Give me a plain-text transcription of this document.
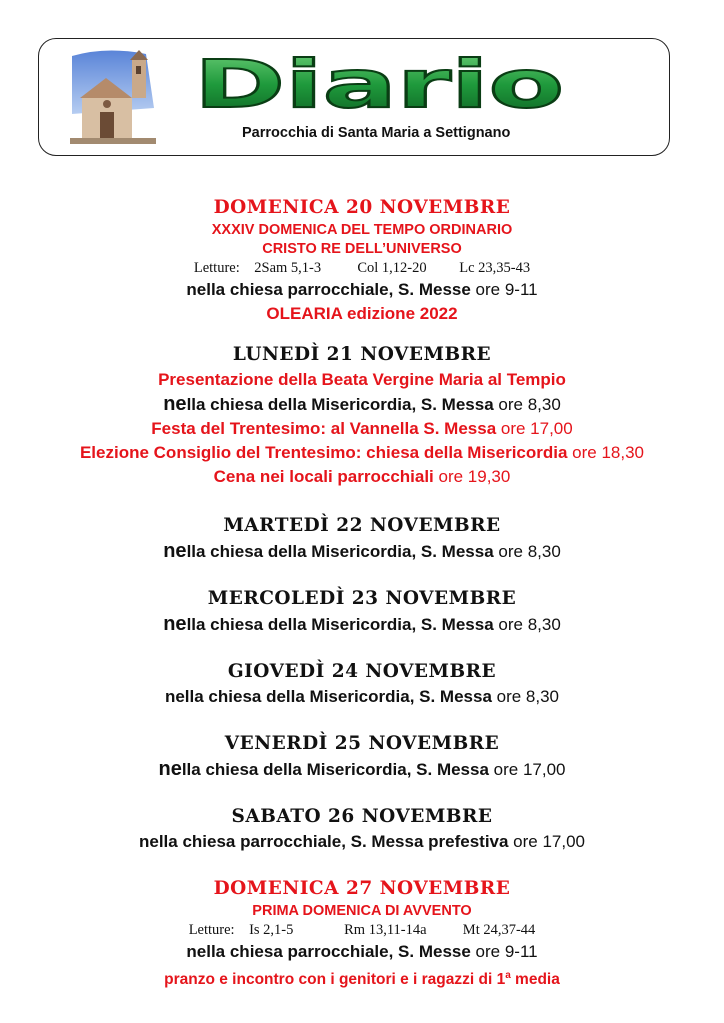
Diario
Parrocchia di Santa Maria a Settignano
DOMENICA 20 NOVEMBRE
XXXIV DOMENICA DEL TEMPO ORDINARIO
CRISTO RE DELL’UNIVERSO
Letture:    2Sam 5,1-3          Col 1,12-20         Lc 23,35-43
nella chiesa parrocchiale, S. Messe ore 9-11
OLEARIA edizione 2022
LUNEDÌ 21 NOVEMBRE
Presentazione della Beata Vergine Maria al Tempio
nella chiesa della Misericordia, S. Messa ore 8,30
Festa del Trentesimo: al Vannella S. Messa ore 17,00
Elezione Consiglio del Trentesimo: chiesa della Misericordia ore 18,30
Cena nei locali parrocchiali ore 19,30
MARTEDÌ 22 NOVEMBRE
nella chiesa della Misericordia, S. Messa ore 8,30
MERCOLEDÌ 23 NOVEMBRE
nella chiesa della Misericordia, S. Messa ore 8,30
GIOVEDÌ 24 NOVEMBRE
nella chiesa della Misericordia, S. Messa ore 8,30
VENERDÌ 25 NOVEMBRE
nella chiesa della Misericordia, S. Messa ore 17,00
SABATO 26 NOVEMBRE
nella chiesa parrocchiale, S. Messa prefestiva ore 17,00
DOMENICA 27 NOVEMBRE
PRIMA DOMENICA DI AVVENTO
Letture:    Is 2,1-5              Rm 13,11-14a          Mt 24,37-44
nella chiesa parrocchiale, S. Messe ore 9-11
pranzo e incontro con i genitori e i ragazzi di 1$^a$ media
